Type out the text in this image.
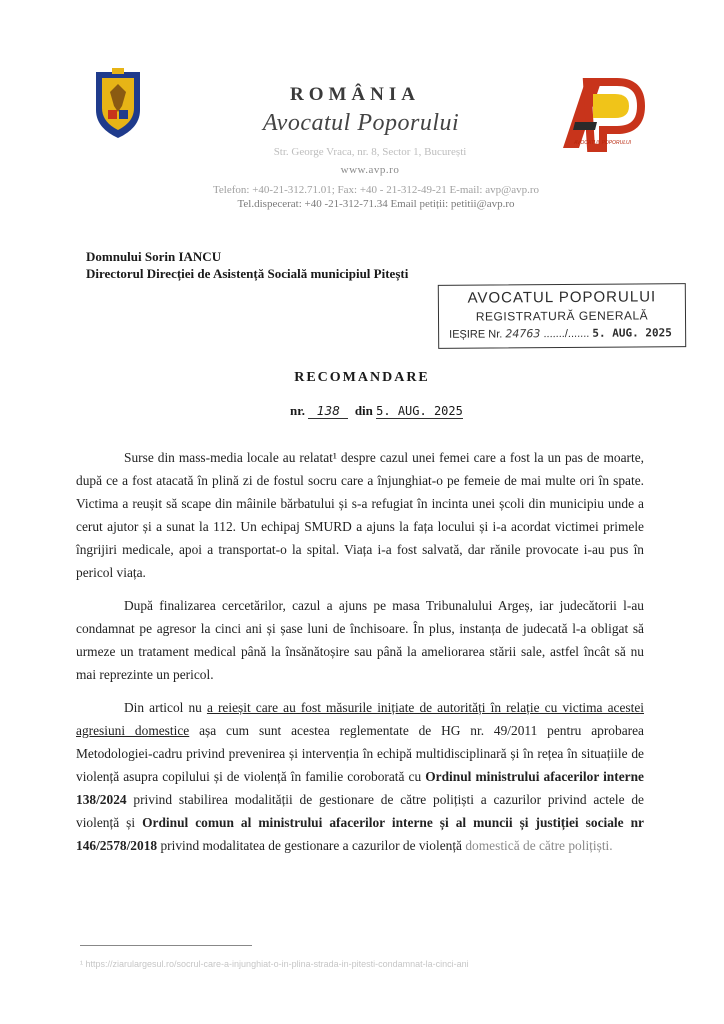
AVOCATUL POPORULUI
ROMÂNIA
Avocatul Poporului
Str. George Vraca, nr. 8, Sector 1, București
www.avp.ro
Telefon: +40-21-312.71.01; Fax: +40 - 21-312-49-21 E-mail: avp@avp.ro
Tel.dispecerat: +40 -21-312-71.34 Email petiții: petitii@avp.ro
Domnului Sorin IANCU
Directorul Direcției de Asistență Socială municipiul Pitești
AVOCATUL POPORULUI
REGISTRATURĂ GENERALĂ
IEȘIRE Nr. 24763 ......./....... 5. AUG. 2025
RECOMANDARE
nr. 138 din 5. AUG. 2025

Surse din mass-media locale au relatat¹ despre cazul unei femei care a fost la un pas de moarte, după ce a fost atacată în plină zi de fostul socru care a înjunghiat-o pe femeie de mai multe ori în spate. Victima a reușit să scape din mâinile bărbatului și s-a refugiat în incinta unei școli din municipiu unde a cerut ajutor și a sunat la 112. Un echipaj SMURD a ajuns la fața locului și i-a acordat victimei primele îngrijiri medicale, apoi a transportat-o la spital. Viața i-a fost salvată, dar rănile provocate i-au pus în pericol viața.

După finalizarea cercetărilor, cazul a ajuns pe masa Tribunalului Argeș, iar judecătorii l-au condamnat pe agresor la cinci ani și șase luni de închisoare. În plus, instanța de judecată l-a obligat să urmeze un tratament medical până la însănătoșire sau până la ameliorarea stării sale, astfel încât să nu mai reprezinte un pericol.

Din articol nu a reieșit care au fost măsurile inițiate de autorități în relație cu victima acestei agresiuni domestice așa cum sunt acestea reglementate de HG nr. 49/2011 pentru aprobarea Metodologiei-cadru privind prevenirea și intervenția în echipă multidisciplinară și în rețea în situațiile de violență asupra copilului și de violență în familie coroborată cu Ordinul ministrului afacerilor interne 138/2024 privind stabilirea modalității de gestionare de către polițiști a cazurilor privind actele de violență și Ordinul comun al ministrului afacerilor interne și al muncii și justiției sociale nr 146/2578/2018 privind modalitatea de gestionare a cazurilor de violență domestică de către polițiști.

¹ https://ziarulargesul.ro/socrul-care-a-injunghiat-o-in-plina-strada-in-pitesti-condamnat-la-cinci-ani
